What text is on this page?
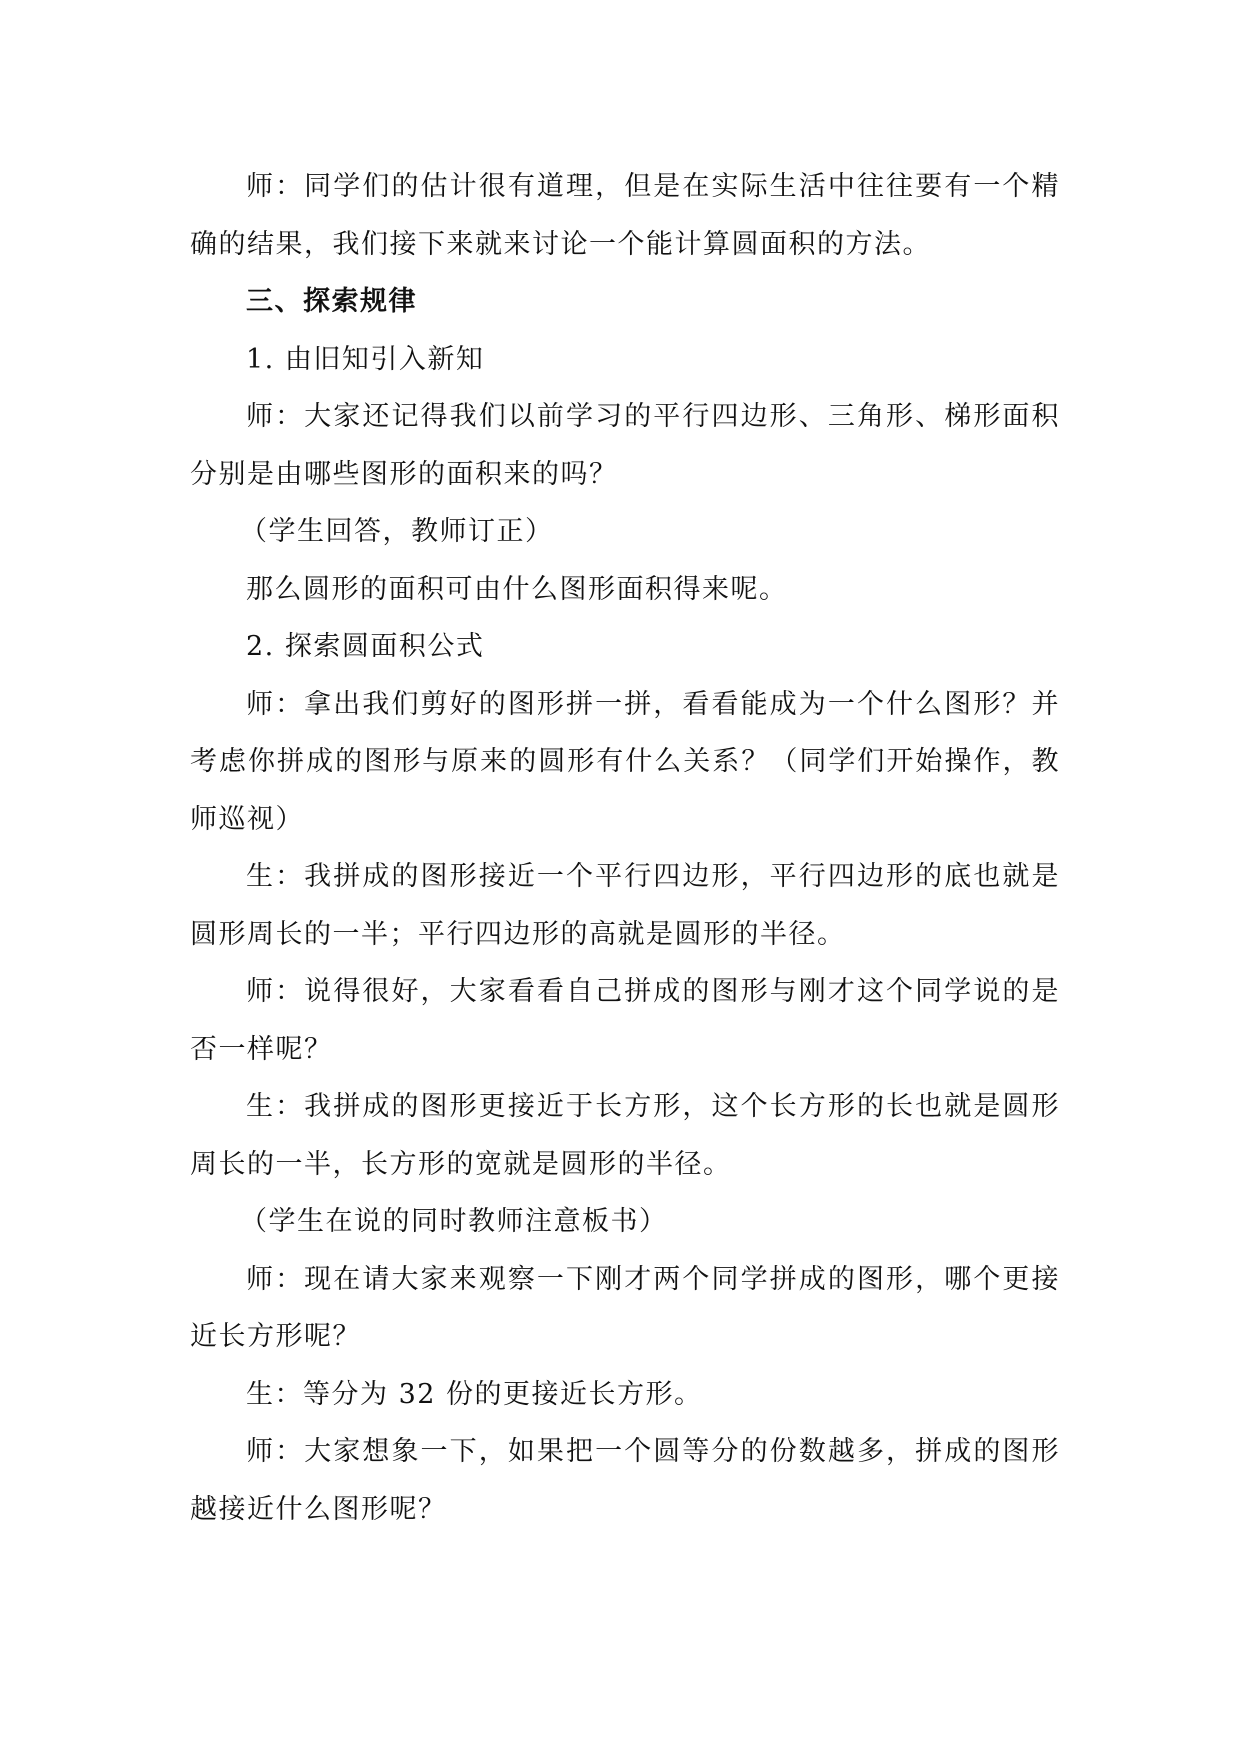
师：同学们的估计很有道理，但是在实际生活中往往要有一个精确的结果，我们接下来就来讨论一个能计算圆面积的方法。

三、探索规律

1. 由旧知引入新知

师：大家还记得我们以前学习的平行四边形、三角形、梯形面积分别是由哪些图形的面积来的吗？

（学生回答，教师订正）

那么圆形的面积可由什么图形面积得来呢。

2. 探索圆面积公式

师：拿出我们剪好的图形拼一拼，看看能成为一个什么图形？并考虑你拼成的图形与原来的圆形有什么关系？（同学们开始操作，教师巡视）

生：我拼成的图形接近一个平行四边形，平行四边形的底也就是圆形周长的一半；平行四边形的高就是圆形的半径。

师：说得很好，大家看看自己拼成的图形与刚才这个同学说的是否一样呢？

生：我拼成的图形更接近于长方形，这个长方形的长也就是圆形周长的一半，长方形的宽就是圆形的半径。

（学生在说的同时教师注意板书）

师：现在请大家来观察一下刚才两个同学拼成的图形，哪个更接近长方形呢？

生：等分为 32 份的更接近长方形。

师：大家想象一下，如果把一个圆等分的份数越多，拼成的图形越接近什么图形呢？
